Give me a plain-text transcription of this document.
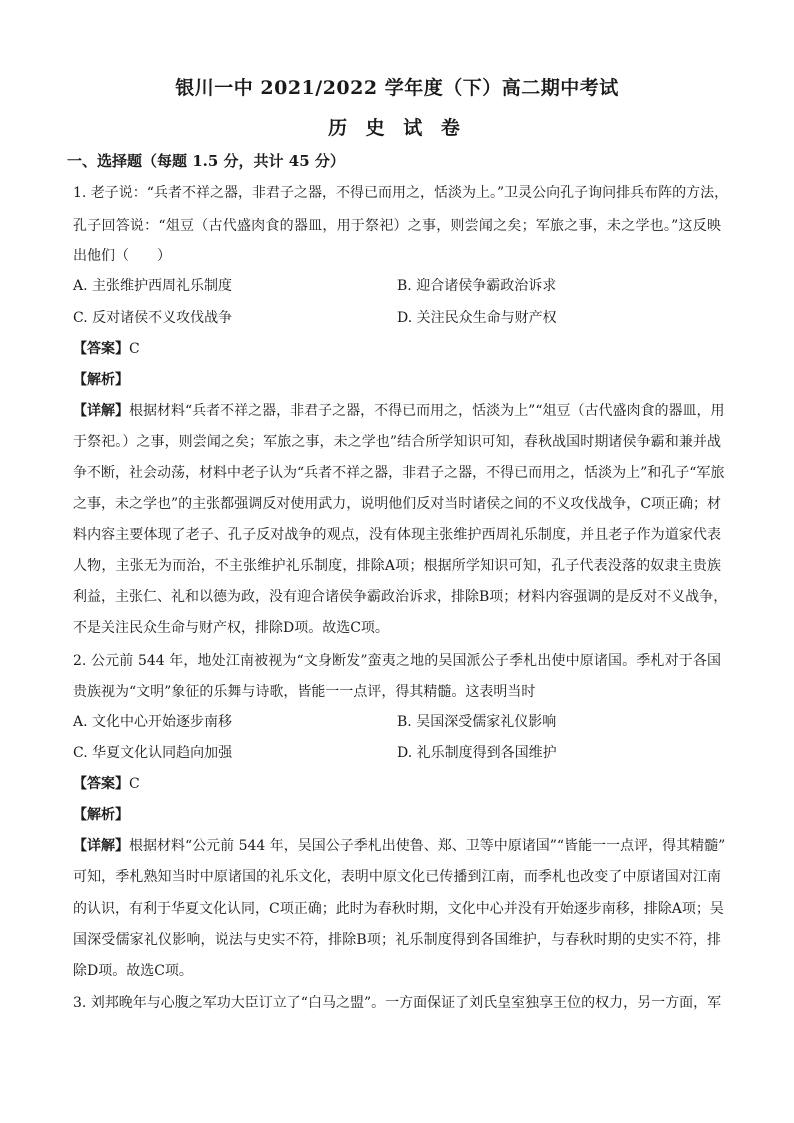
银川一中 2021/2022 学年度（下）高二期中考试
历 史 试 卷
一、选择题（每题 1.5 分，共计 45 分）
1. 老子说：“兵者不祥之器，非君子之器，不得已而用之，恬淡为上。”卫灵公向孔子询问排兵布阵的方法，
孔子回答说：“俎豆（古代盛肉食的器皿，用于祭祀）之事，则尝闻之矣；军旅之事，未之学也。”这反映
出他们（　　）
A. 主张维护西周礼乐制度	B. 迎合诸侯争霸政治诉求
C. 反对诸侯不义攻伐战争	D. 关注民众生命与财产权
【答案】C
【解析】
【详解】根据材料“兵者不祥之器，非君子之器，不得已而用之，恬淡为上”“俎豆（古代盛肉食的器皿，用
于祭祀。）之事，则尝闻之矣；军旅之事，未之学也”结合所学知识可知，春秋战国时期诸侯争霸和兼并战
争不断，社会动荡，材料中老子认为“兵者不祥之器，非君子之器，不得已而用之，恬淡为上”和孔子“军旅
之事，未之学也”的主张都强调反对使用武力，说明他们反对当时诸侯之间的不义攻伐战争，C项正确；材
料内容主要体现了老子、孔子反对战争的观点，没有体现主张维护西周礼乐制度，并且老子作为道家代表
人物，主张无为而治，不主张维护礼乐制度，排除A项；根据所学知识可知，孔子代表没落的奴隶主贵族
利益，主张仁、礼和以德为政，没有迎合诸侯争霸政治诉求，排除B项；材料内容强调的是反对不义战争，
不是关注民众生命与财产权，排除D项。故选C项。
2. 公元前 544 年，地处江南被视为“文身断发”蛮夷之地的吴国派公子季札出使中原诸国。季札对于各国
贵族视为“文明”象征的乐舞与诗歌，皆能一一点评，得其精髓。这表明当时
A. 文化中心开始逐步南移	B. 吴国深受儒家礼仪影响
C. 华夏文化认同趋向加强	D. 礼乐制度得到各国维护
【答案】C
【解析】
【详解】根据材料“公元前 544 年，吴国公子季札出使鲁、郑、卫等中原诸国”“皆能一一点评，得其精髓”
可知，季札熟知当时中原诸国的礼乐文化，表明中原文化已传播到江南，而季札也改变了中原诸国对江南
的认识，有利于华夏文化认同，C项正确；此时为春秋时期，文化中心并没有开始逐步南移，排除A项；吴
国深受儒家礼仪影响，说法与史实不符，排除B项；礼乐制度得到各国维护，与春秋时期的史实不符，排
除D项。故选C项。
3. 刘邦晚年与心腹之军功大臣订立了“白马之盟”。一方面保证了刘氏皇室独享王位的权力，另一方面，军
